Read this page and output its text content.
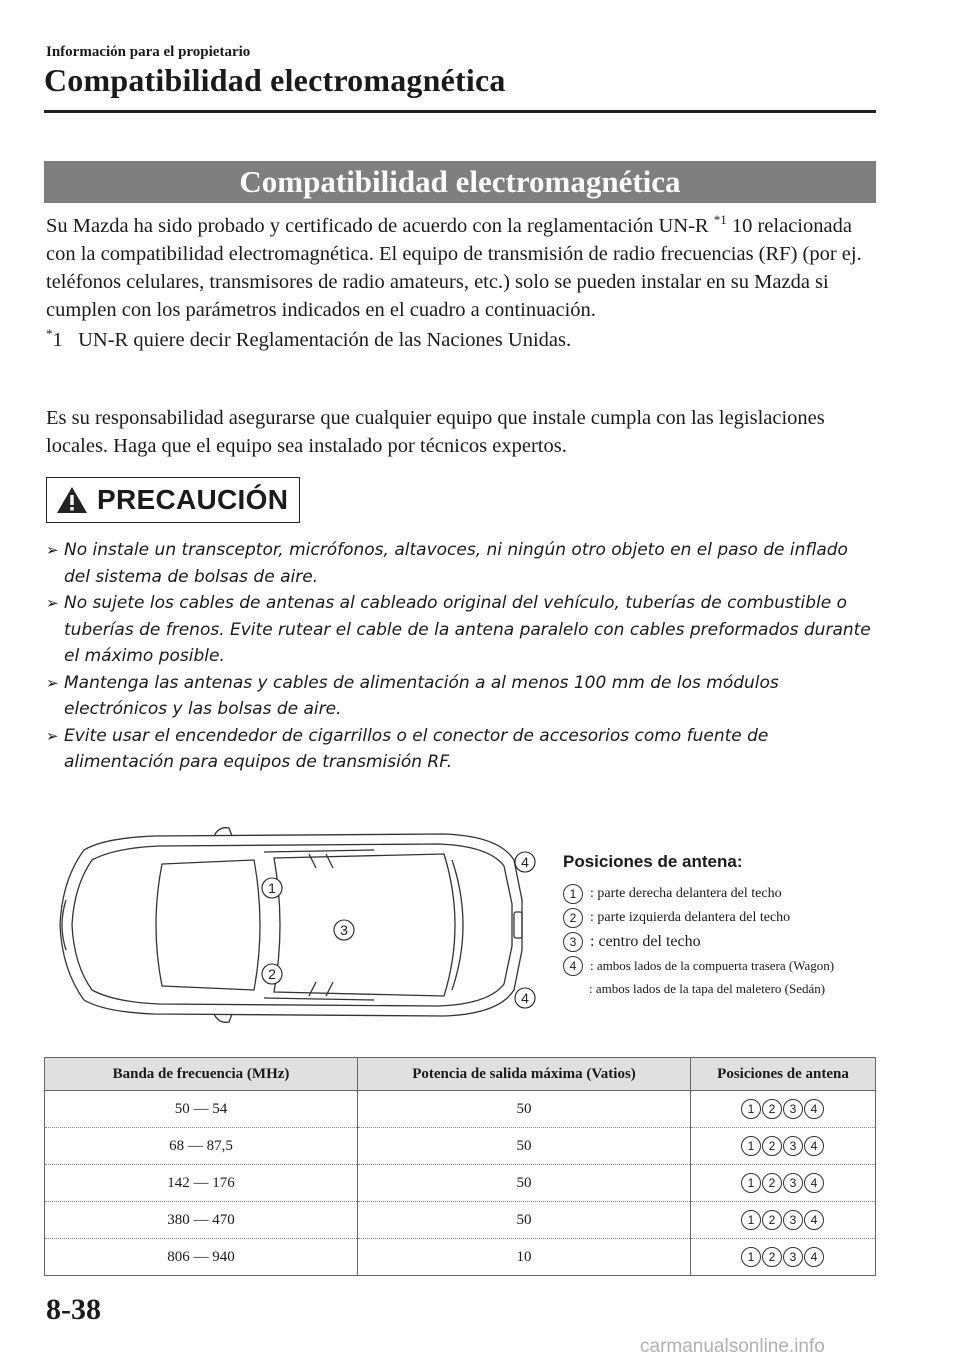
Información para el propietario
Compatibilidad electromagnética
Compatibilidad electromagnética

Su Mazda ha sido probado y certificado de acuerdo con la reglamentación UN-R $^{*1}$ 10 relacionada con la compatibilidad electromagnética. El equipo de transmisión de radio frecuencias (RF) (por ej. teléfonos celulares, transmisores de radio amateurs, etc.) solo se pueden instalar en su Mazda si cumplen con los parámetros indicados en el cuadro a continuación.

*1 UN-R quiere decir Reglamentación de las Naciones Unidas.

Es su responsabilidad asegurarse que cualquier equipo que instale cumpla con las legislaciones locales. Haga que el equipo sea instalado por técnicos expertos.
PRECAUCIÓN
➢ No instale un transceptor, micrófonos, altavoces, ni ningún otro objeto en el paso de inflado del sistema de bolsas de aire.
➢ No sujete los cables de antenas al cableado original del vehículo, tuberías de combustible o tuberías de frenos. Evite rutear el cable de la antena paralelo con cables preformados durante el máximo posible.
➢ Mantenga las antenas y cables de alimentación a al menos 100 mm de los módulos electrónicos y las bolsas de aire.
➢ Evite usar el encendedor de cigarrillos o el conector de accesorios como fuente de alimentación para equipos de transmisión RF.
1
2
3
4
4
Posiciones de antena:
1 : parte derecha delantera del techo
2 : parte izquierda delantera del techo
3 : centro del techo
4	: ambos lados de la compuerta trasera (Wagon)
: ambos lados de la tapa del maletero (Sedán)
Banda de frecuencia (MHz)	Potencia de salida máxima (Vatios)	Posiciones de antena
50 — 54	50	1 2 3 4
68 — 87,5	50	1 2 3 4
142 — 176	50	1 2 3 4
380 — 470	50	1 2 3 4
806 — 940	10	1 2 3 4
8-38
carmanualsonline.info
